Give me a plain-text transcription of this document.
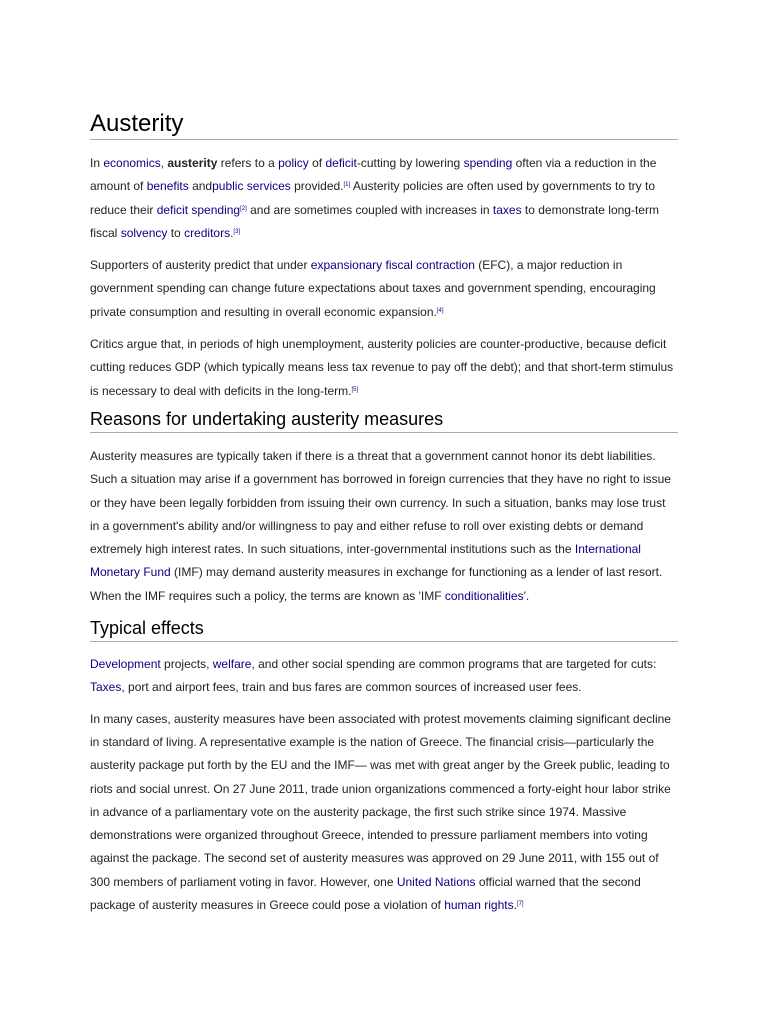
Austerity

In economics, austerity refers to a policy of deficit-cutting by lowering spending often via a reduction in the amount of benefits andpublic services provided.[1] Austerity policies are often used by governments to try to reduce their deficit spending[2] and are sometimes coupled with increases in taxes to demonstrate long-term fiscal solvency to creditors.[3]

Supporters of austerity predict that under expansionary fiscal contraction (EFC), a major reduction in government spending can change future expectations about taxes and government spending, encouraging private consumption and resulting in overall economic expansion.[4]

Critics argue that, in periods of high unemployment, austerity policies are counter-productive, because deficit cutting reduces GDP (which typically means less tax revenue to pay off the debt); and that short-term stimulus is necessary to deal with deficits in the long-term.[5]

Reasons for undertaking austerity measures

Austerity measures are typically taken if there is a threat that a government cannot honor its debt liabilities. Such a situation may arise if a government has borrowed in foreign currencies that they have no right to issue or they have been legally forbidden from issuing their own currency. In such a situation, banks may lose trust in a government's ability and/or willingness to pay and either refuse to roll over existing debts or demand extremely high interest rates. In such situations, inter-governmental institutions such as the International Monetary Fund (IMF) may demand austerity measures in exchange for functioning as a lender of last resort. When the IMF requires such a policy, the terms are known as 'IMF conditionalities'.

Typical effects

Development projects, welfare, and other social spending are common programs that are targeted for cuts: Taxes, port and airport fees, train and bus fares are common sources of increased user fees.

In many cases, austerity measures have been associated with protest movements claiming significant decline in standard of living. A representative example is the nation of Greece. The financial crisis—particularly the austerity package put forth by the EU and the IMF— was met with great anger by the Greek public, leading to riots and social unrest. On 27 June 2011, trade union organizations commenced a forty-eight hour labor strike in advance of a parliamentary vote on the austerity package, the first such strike since 1974. Massive demonstrations were organized throughout Greece, intended to pressure parliament members into voting against the package. The second set of austerity measures was approved on 29 June 2011, with 155 out of 300 members of parliament voting in favor. However, one United Nations official warned that the second package of austerity measures in Greece could pose a violation of human rights.[7]
